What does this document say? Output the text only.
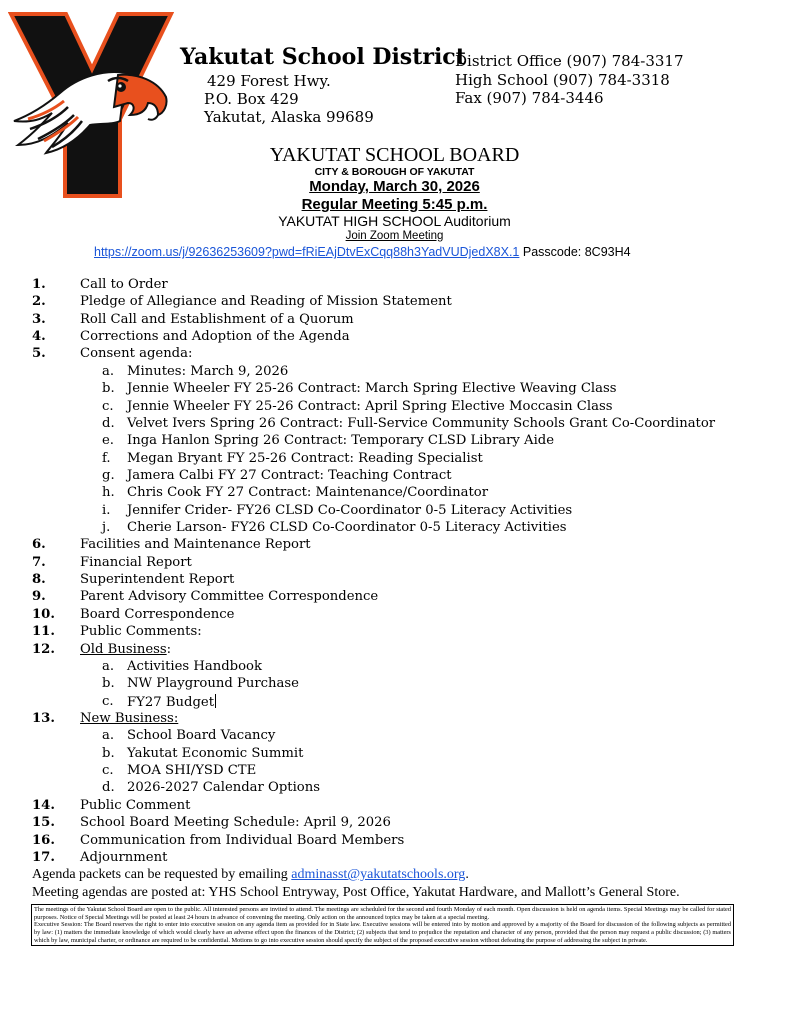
Yakutat School District
429 Forest Hwy.
P.O. Box 429
Yakutat, Alaska 99689
District Office (907) 784-3317
High School (907) 784-3318
Fax (907) 784-3446
YAKUTAT SCHOOL BOARD
CITY & BOROUGH OF YAKUTAT
Monday, March 30, 2026
Regular Meeting 5:45 p.m.
YAKUTAT HIGH SCHOOL Auditorium
Join Zoom Meeting
https://zoom.us/j/92636253609?pwd=fRiEAjDtvExCqq88h3YadVUDjedX8X.1 Passcode: 8C93H4
1.	Call to Order
2.	Pledge of Allegiance and Reading of Mission Statement
3.	Roll Call and Establishment of a Quorum
4.	Corrections and Adoption of the Agenda
5.	Consent agenda:
a. Minutes: March 9, 2026
b. Jennie Wheeler FY 25-26 Contract: March Spring Elective Weaving Class
c. Jennie Wheeler FY 25-26 Contract: April Spring Elective Moccasin Class
d. Velvet Ivers Spring 26 Contract: Full-Service Community Schools Grant Co-Coordinator
e. Inga Hanlon Spring 26 Contract: Temporary CLSD Library Aide
f. Megan Bryant FY 25-26 Contract: Reading Specialist
g. Jamera Calbi FY 27 Contract: Teaching Contract
h. Chris Cook FY 27 Contract: Maintenance/Coordinator
i. Jennifer Crider- FY26 CLSD Co-Coordinator 0-5 Literacy Activities
j. Cherie Larson- FY26 CLSD Co-Coordinator 0-5 Literacy Activities
6.	Facilities and Maintenance Report
7.	Financial Report
8.	Superintendent Report
9.	Parent Advisory Committee Correspondence
10. Board Correspondence
11. Public Comments:
12. Old Business:
a. Activities Handbook
b. NW Playground Purchase
c. FY27 Budget
13. New Business:
a. School Board Vacancy
b. Yakutat Economic Summit
c. MOA SHI/YSD CTE
d. 2026-2027 Calendar Options
14. Public Comment
15. School Board Meeting Schedule: April 9, 2026
16. Communication from Individual Board Members
17. Adjournment
Agenda packets can be requested by emailing adminasst@yakutatschools.org.
Meeting agendas are posted at: YHS School Entryway, Post Office, Yakutat Hardware, and Mallott’s General Store.

The meetings of the Yakutat School Board are open to the public. All interested persons are invited to attend. The meetings are scheduled for the second and fourth Monday of each month. Open discussion is held on agenda items. Special Meetings may be called for stated purposes. Notice of Special Meetings will be posted at least 24 hours in advance of convening the meeting. Only action on the announced topics may be taken at a special meeting.

Executive Session: The Board reserves the right to enter into executive session on any agenda item as provided for in State law. Executive sessions will be entered into by motion and approved by a majority of the Board for discussion of the following subjects as permitted by law: (1) matters the immediate knowledge of which would clearly have an adverse effect upon the finances of the District; (2) subjects that tend to prejudice the reputation and character of any person, provided that the person may request a public discussion; (3) matters which by law, municipal charter, or ordinance are required to be confidential. Motions to go into executive session should specify the subject of the proposed executive session without defeating the purpose of addressing the subject in private.
